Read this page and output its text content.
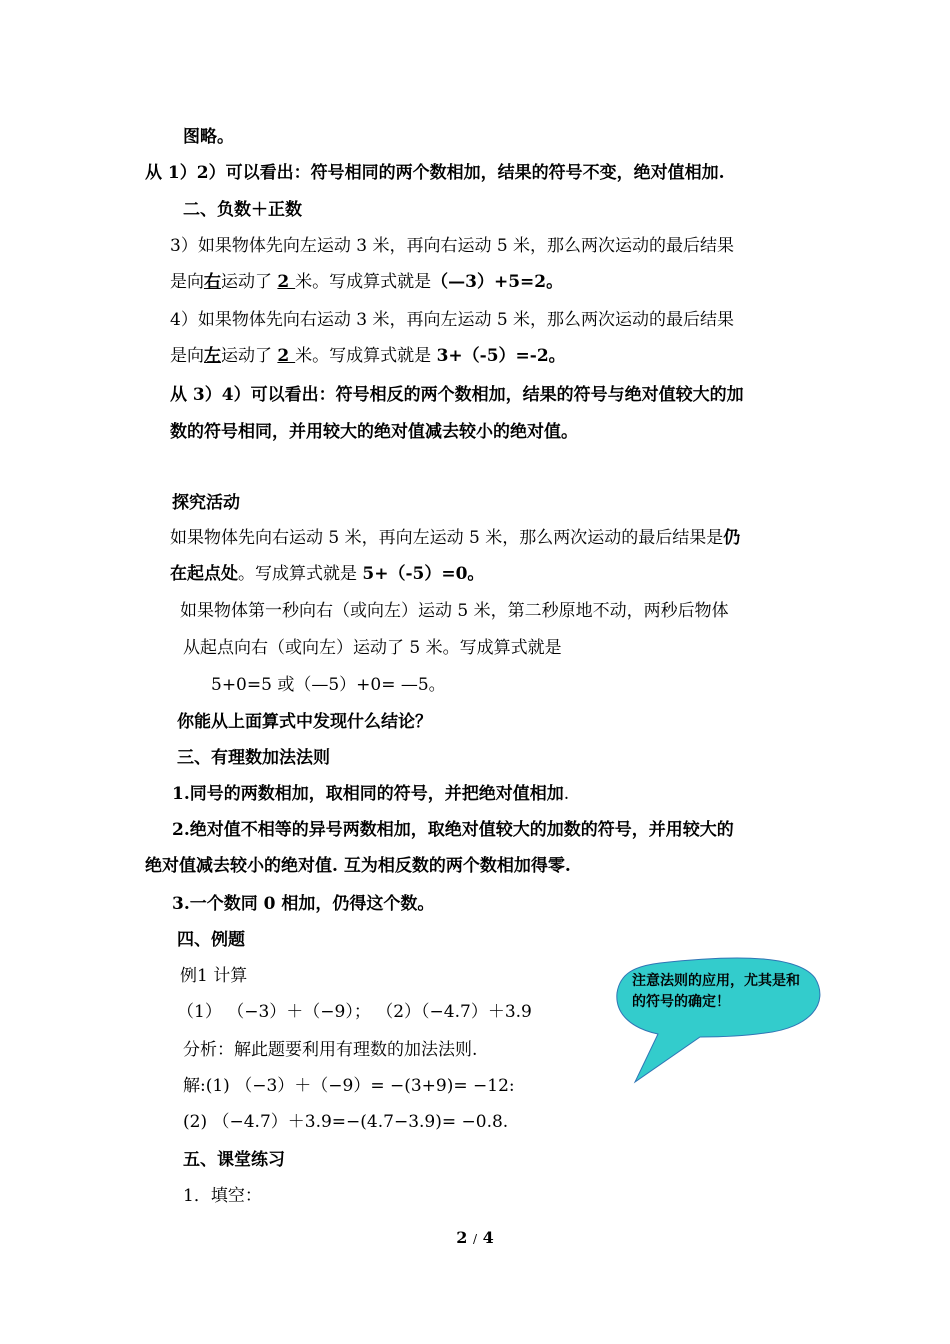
图略。
从 1）2）可以看出：符号相同的两个数相加，结果的符号不变，绝对值相加.
二、负数＋正数
3）如果物体先向左运动 3 米，再向右运动 5 米，那么两次运动的最后结果
是向右运动了 2 米。写成算式就是（—3）+5=2。
4）如果物体先向右运动 3 米，再向左运动 5 米，那么两次运动的最后结果
是向左运动了 2 米。写成算式就是 3+（-5）=-2。
从 3）4）可以看出：符号相反的两个数相加，结果的符号与绝对值较大的加
数的符号相同，并用较大的绝对值减去较小的绝对值。
探究活动
如果物体先向右运动 5 米，再向左运动 5 米，那么两次运动的最后结果是仍
在起点处。写成算式就是 5+（-5）=0。
如果物体第一秒向右（或向左）运动 5 米，第二秒原地不动，两秒后物体
从起点向右（或向左）运动了 5 米。写成算式就是
5+0=5 或（—5）+0= —5。
你能从上面算式中发现什么结论？
三、有理数加法法则
1.同号的两数相加，取相同的符号，并把绝对值相加.
2.绝对值不相等的异号两数相加，取绝对值较大的加数的符号，并用较大的
绝对值减去较小的绝对值. 互为相反数的两个数相加得零.
3.一个数同 0 相加，仍得这个数。
四、例题
例1 计算
（1） （−3）＋（−9）； （2）（−4.7）＋3.9
分析：解此题要利用有理数的加法法则.
解:(1) （−3）＋（−9）= −(3+9)= −12:
(2) （−4.7）＋3.9=−(4.7−3.9)= −0.8.
五、课堂练习
1．填空：
注意法则的应用，尤其是和的符号的确定！
2 / 4
